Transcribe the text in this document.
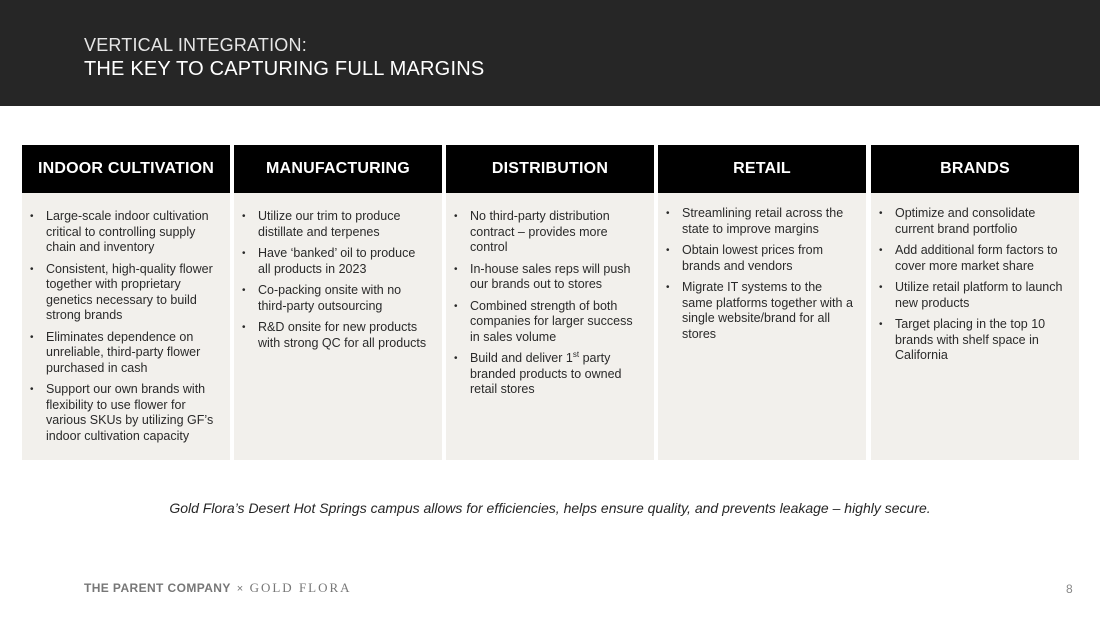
VERTICAL INTEGRATION:
THE KEY TO CAPTURING FULL MARGINS
INDOOR CULTIVATION
• Large-scale indoor cultivation critical to controlling supply chain and inventory
• Consistent, high-quality flower together with proprietary genetics necessary to build strong brands
• Eliminates dependence on unreliable, third-party flower purchased in cash
• Support our own brands with flexibility to use flower for various SKUs by utilizing GF’s indoor cultivation capacity
MANUFACTURING
• Utilize our trim to produce distillate and terpenes
• Have ‘banked’ oil to produce all products in 2023
• Co-packing onsite with no third-party outsourcing
• R&D onsite for new products with strong QC for all products
DISTRIBUTION
• No third-party distribution contract – provides more control
• In-house sales reps will push our brands out to stores
• Combined strength of both companies for larger success in sales volume
• Build and deliver 1st party branded products to owned retail stores
RETAIL
• Streamlining retail across the state to improve margins
• Obtain lowest prices from brands and vendors
• Migrate IT systems to the same platforms together with a single website/brand for all stores
BRANDS
• Optimize and consolidate current brand portfolio
• Add additional form factors to cover more market share
• Utilize retail platform to launch new products
• Target placing in the top 10 brands with shelf space in California
Gold Flora’s Desert Hot Springs campus allows for efficiencies, helps ensure quality, and prevents leakage – highly secure.
THE PARENT COMPANY × GOLD FLORA	8
